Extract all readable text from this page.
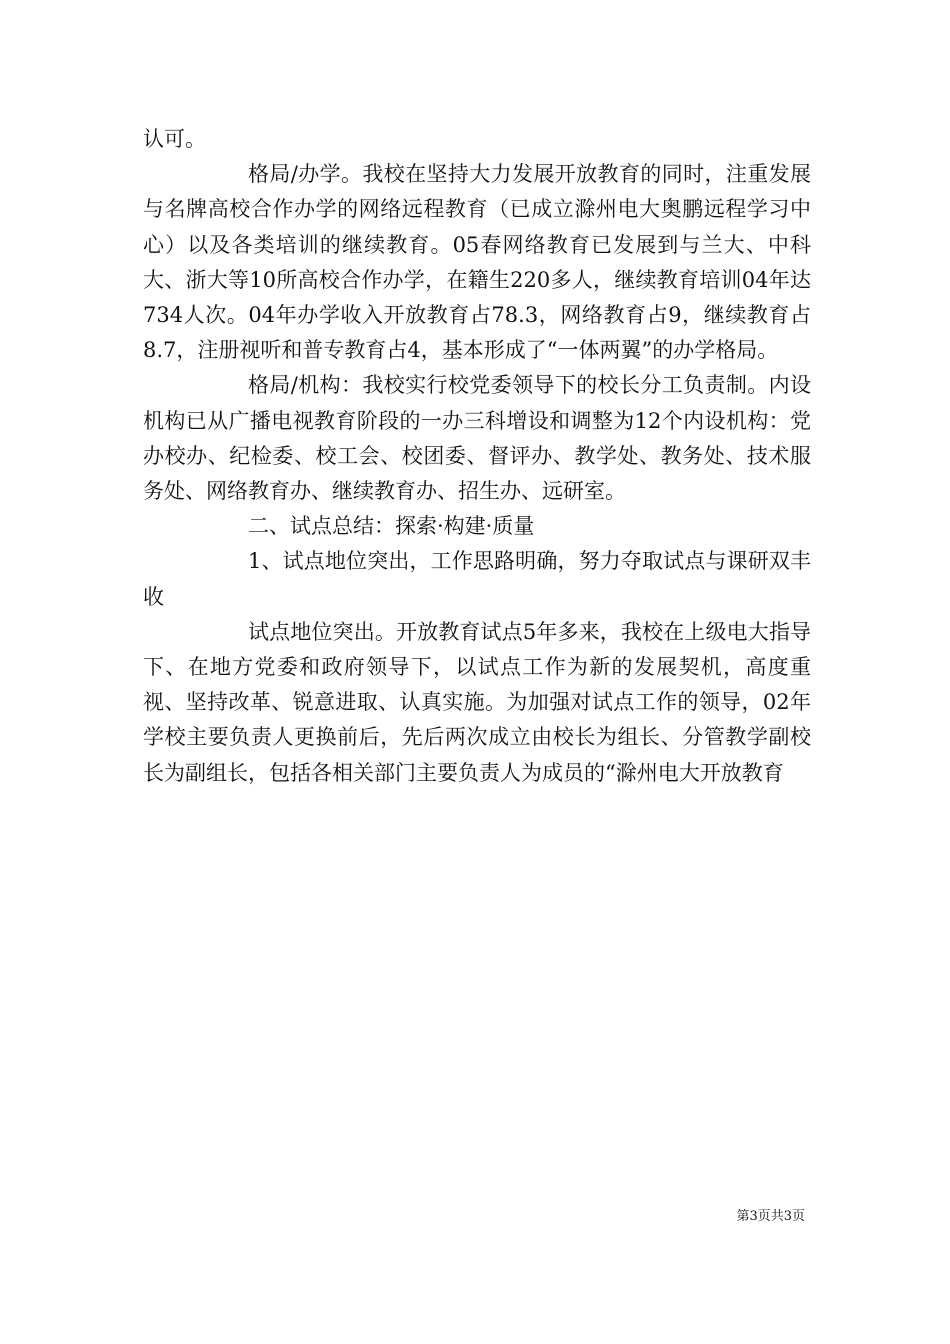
认可。

格局/办学。我校在坚持大力发展开放教育的同时，注重发展与名牌高校合作办学的网络远程教育（已成立滁州电大奥鹏远程学习中心）以及各类培训的继续教育。05春网络教育已发展到与兰大、中科大、浙大等10所高校合作办学，在籍生220多人，继续教育培训04年达734人次。04年办学收入开放教育占78.3，网络教育占9，继续教育占8.7，注册视听和普专教育占4，基本形成了“一体两翼”的办学格局。

格局/机构：我校实行校党委领导下的校长分工负责制。内设机构已从广播电视教育阶段的一办三科增设和调整为12个内设机构：党办校办、纪检委、校工会、校团委、督评办、教学处、教务处、技术服务处、网络教育办、继续教育办、招生办、远研室。

二、试点总结：探索·构建·质量

1、试点地位突出，工作思路明确，努力夺取试点与课研双丰收

试点地位突出。开放教育试点5年多来，我校在上级电大指导下、在地方党委和政府领导下，以试点工作为新的发展契机，高度重视、坚持改革、锐意进取、认真实施。为加强对试点工作的领导，02年学校主要负责人更换前后，先后两次成立由校长为组长、分管教学副校长为副组长，包括各相关部门主要负责人为成员的“滁州电大开放教育

第3页共3页
